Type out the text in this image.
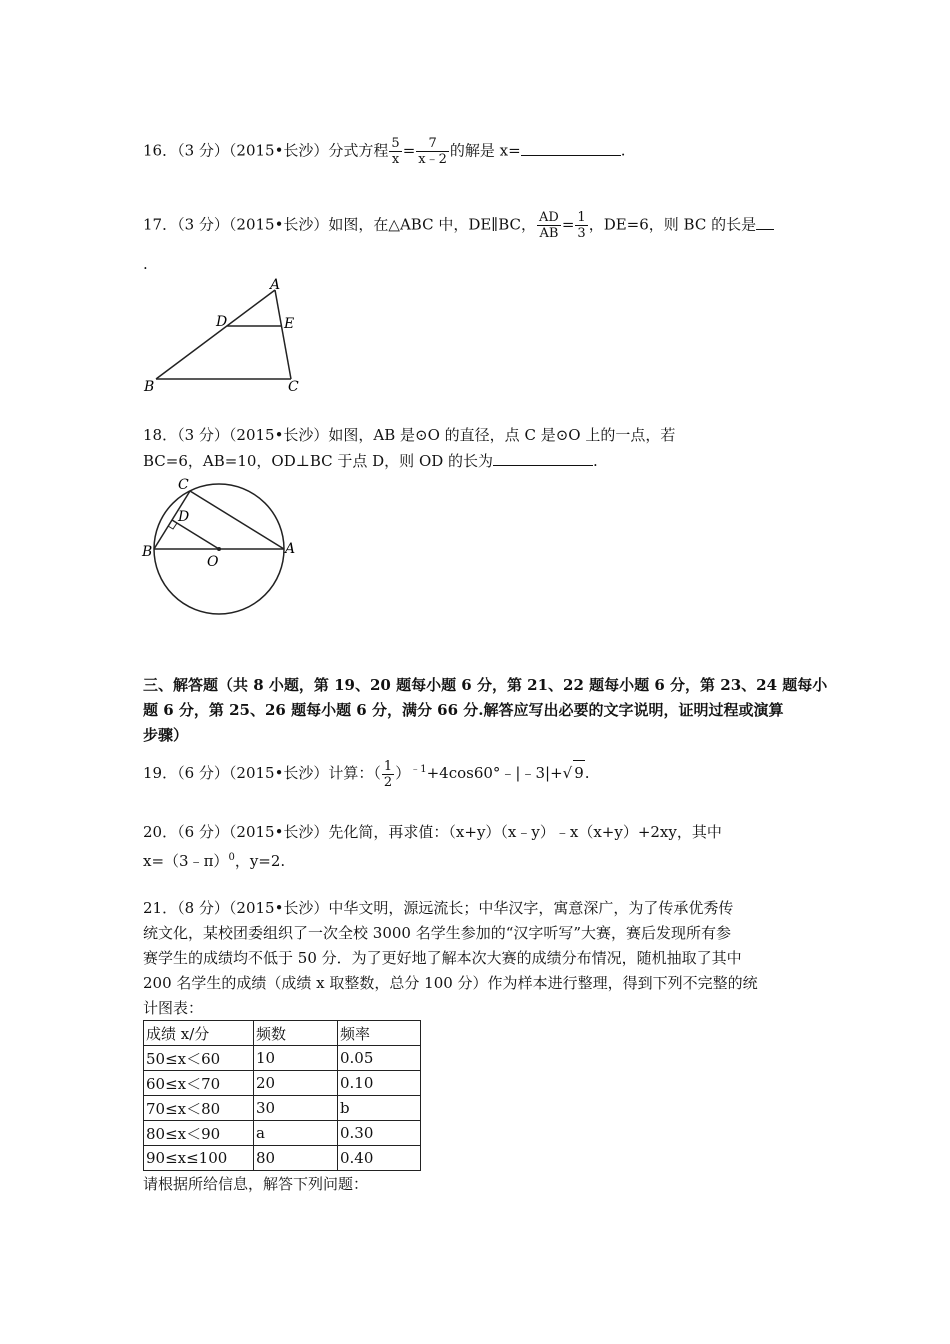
16．（3 分）（2015•长沙）分式方程 $\frac{5}{x} = \frac{7}{x﹣2}$ 的解是 x=	.
17．（3 分）（2015•长沙）如图，在△ABC 中，DE∥BC， $\frac{AD}{AB} = \frac{1}{3}$ ，DE=6，则 BC 的长是
.
A
B	C
D	E
18．（3 分）（2015•长沙）如图，AB 是⊙O 的直径，点 C 是⊙O 上的一点，若
BC=6，AB=10，OD⊥BC 于点 D，则 OD 的长为	.
C
D
B	A
O
三、解答题（共 8 小题，第 19、20 题每小题 6 分，第 21、22 题每小题 6 分，第 23、24 题每小
题 6 分，第 25、26 题每小题 6 分，满分 66 分.解答应写出必要的文字说明，证明过程或演算
步骤）
19．（6 分）（2015•长沙）计算：（ $\frac{1}{2}$ ）$^{﹣1}$+4cos60°﹣|﹣3|+√ 9.
20．（6 分）（2015•长沙）先化简，再求值：（x+y）（x﹣y）﹣x（x+y）+2xy，其中
x=（3﹣π）$^0$，y=2.
21．（8 分）（2015•长沙）中华文明，源远流长；中华汉字，寓意深广，为了传承优秀传
统文化，某校团委组织了一次全校 3000 名学生参加的“汉字听写”大赛，赛后发现所有参
赛学生的成绩均不低于 50 分．为了更好地了解本次大赛的成绩分布情况，随机抽取了其中
200 名学生的成绩（成绩 x 取整数，总分 100 分）作为样本进行整理，得到下列不完整的统
计图表：
成绩 x/分	频数	频率
50≤x＜60	10	0.05
60≤x＜70	20	0.10
70≤x＜80	30	b
80≤x＜90	a	0.30
90≤x≤100	80	0.40
请根据所给信息，解答下列问题：
